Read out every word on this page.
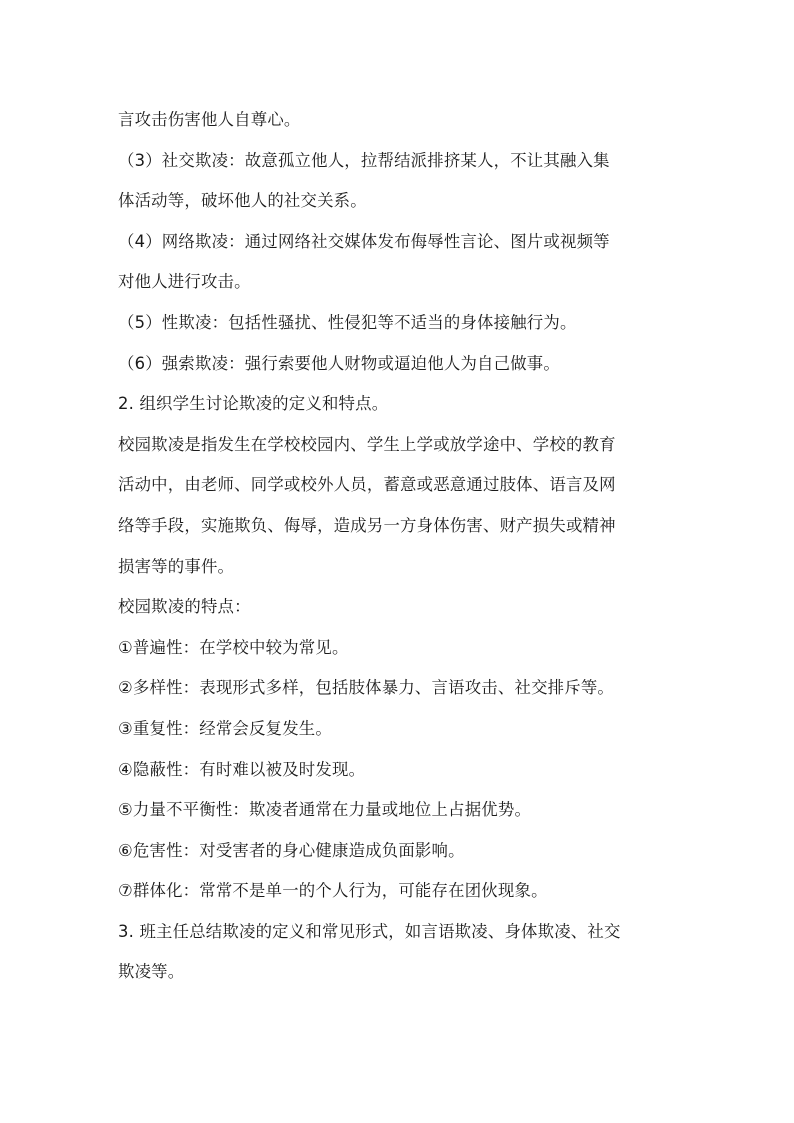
言攻击伤害他人自尊心。
（3）社交欺凌：故意孤立他人，拉帮结派排挤某人，不让其融入集
体活动等，破坏他人的社交关系。
（4）网络欺凌：通过网络社交媒体发布侮辱性言论、图片或视频等
对他人进行攻击。
（5）性欺凌：包括性骚扰、性侵犯等不适当的身体接触行为。
（6）强索欺凌：强行索要他人财物或逼迫他人为自己做事。
2. 组织学生讨论欺凌的定义和特点。
校园欺凌是指发生在学校校园内、学生上学或放学途中、学校的教育
活动中，由老师、同学或校外人员，蓄意或恶意通过肢体、语言及网
络等手段，实施欺负、侮辱，造成另一方身体伤害、财产损失或精神
损害等的事件。
校园欺凌的特点：
①普遍性：在学校中较为常见。
②多样性：表现形式多样，包括肢体暴力、言语攻击、社交排斥等。
③重复性：经常会反复发生。
④隐蔽性：有时难以被及时发现。
⑤力量不平衡性：欺凌者通常在力量或地位上占据优势。
⑥危害性：对受害者的身心健康造成负面影响。
⑦群体化：常常不是单一的个人行为，可能存在团伙现象。
3. 班主任总结欺凌的定义和常见形式，如言语欺凌、身体欺凌、社交
欺凌等。
